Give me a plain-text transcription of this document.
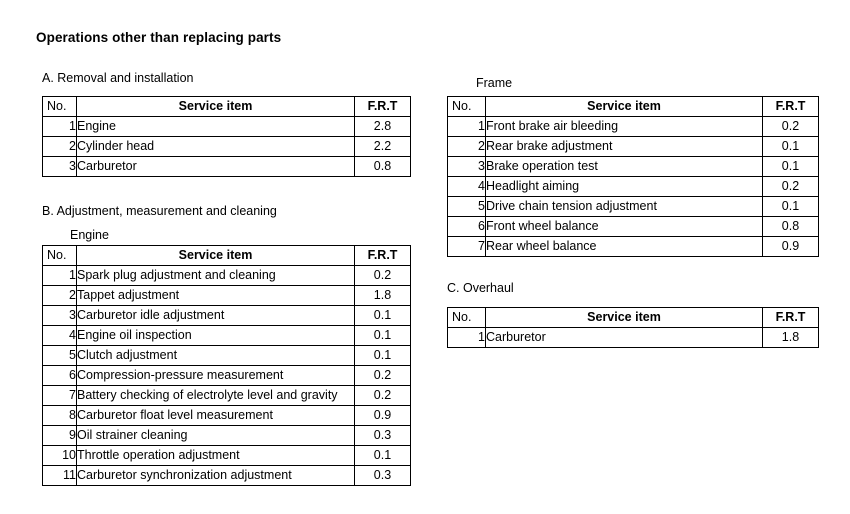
Operations other than replacing parts
A. Removal and installation
No.	Service item	F.R.T
1	Engine	2.8
2	Cylinder head	2.2
3	Carburetor	0.8
B. Adjustment, measurement and cleaning
Engine
No.	Service item	F.R.T
1	Spark plug adjustment and cleaning	0.2
2	Tappet adjustment	1.8
3	Carburetor idle adjustment	0.1
4	Engine oil inspection	0.1
5	Clutch adjustment	0.1
6	Compression-pressure measurement	0.2
7	Battery checking of electrolyte level and gravity	0.2
8	Carburetor float level measurement	0.9
9	Oil strainer cleaning	0.3
10	Throttle operation adjustment	0.1
11	Carburetor synchronization adjustment	0.3
Frame
No.	Service item	F.R.T
1	Front brake air bleeding	0.2
2	Rear brake adjustment	0.1
3	Brake operation test	0.1
4	Headlight aiming	0.2
5	Drive chain tension adjustment	0.1
6	Front wheel balance	0.8
7	Rear wheel balance	0.9
C. Overhaul
No.	Service item	F.R.T
1	Carburetor	1.8
